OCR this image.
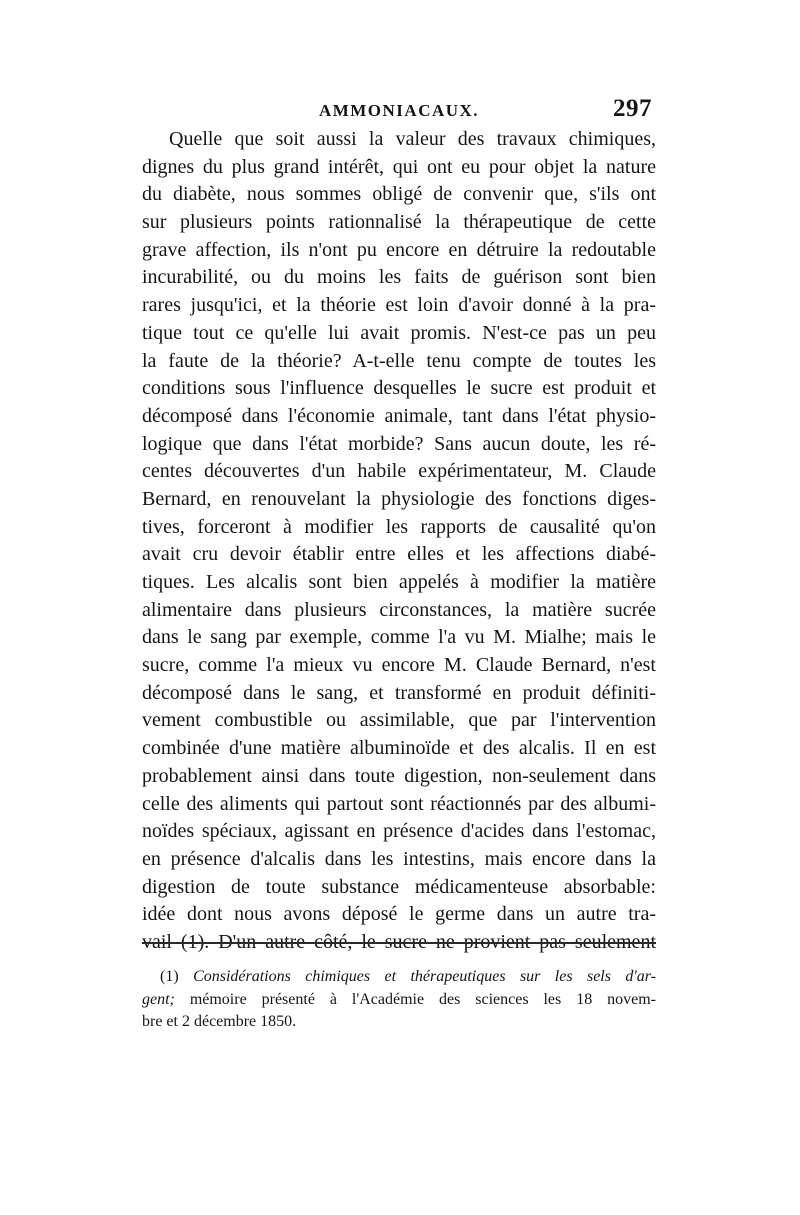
AMMONIACAUX.	297
Quelle que soit aussi la valeur des travaux chimiques,
dignes du plus grand intérêt, qui ont eu pour objet la nature
du diabète, nous sommes obligé de convenir que, s'ils ont
sur plusieurs points rationnalisé la thérapeutique de cette
grave affection, ils n'ont pu encore en détruire la redoutable
incurabilité, ou du moins les faits de guérison sont bien
rares jusqu'ici, et la théorie est loin d'avoir donné à la pra-
tique tout ce qu'elle lui avait promis. N'est-ce pas un peu
la faute de la théorie? A-t-elle tenu compte de toutes les
conditions sous l'influence desquelles le sucre est produit et
décomposé dans l'économie animale, tant dans l'état physio-
logique que dans l'état morbide? Sans aucun doute, les ré-
centes découvertes d'un habile expérimentateur, M. Claude
Bernard, en renouvelant la physiologie des fonctions diges-
tives, forceront à modifier les rapports de causalité qu'on
avait cru devoir établir entre elles et les affections diabé-
tiques. Les alcalis sont bien appelés à modifier la matière
alimentaire dans plusieurs circonstances, la matière sucrée
dans le sang par exemple, comme l'a vu M. Mialhe; mais le
sucre, comme l'a mieux vu encore M. Claude Bernard, n'est
décomposé dans le sang, et transformé en produit définiti-
vement combustible ou assimilable, que par l'intervention
combinée d'une matière albuminoïde et des alcalis. Il en est
probablement ainsi dans toute digestion, non-seulement dans
celle des aliments qui partout sont réactionnés par des albumi-
noïdes spéciaux, agissant en présence d'acides dans l'estomac,
en présence d'alcalis dans les intestins, mais encore dans la
digestion de toute substance médicamenteuse absorbable:
idée dont nous avons déposé le germe dans un autre tra-
vail (1). D'un autre côté, le sucre ne provient pas seulement
(1) Considérations chimiques et thérapeutiques sur les sels d'ar-
gent; mémoire présenté à l'Académie des sciences les 18 novem-
bre et 2 décembre 1850.
